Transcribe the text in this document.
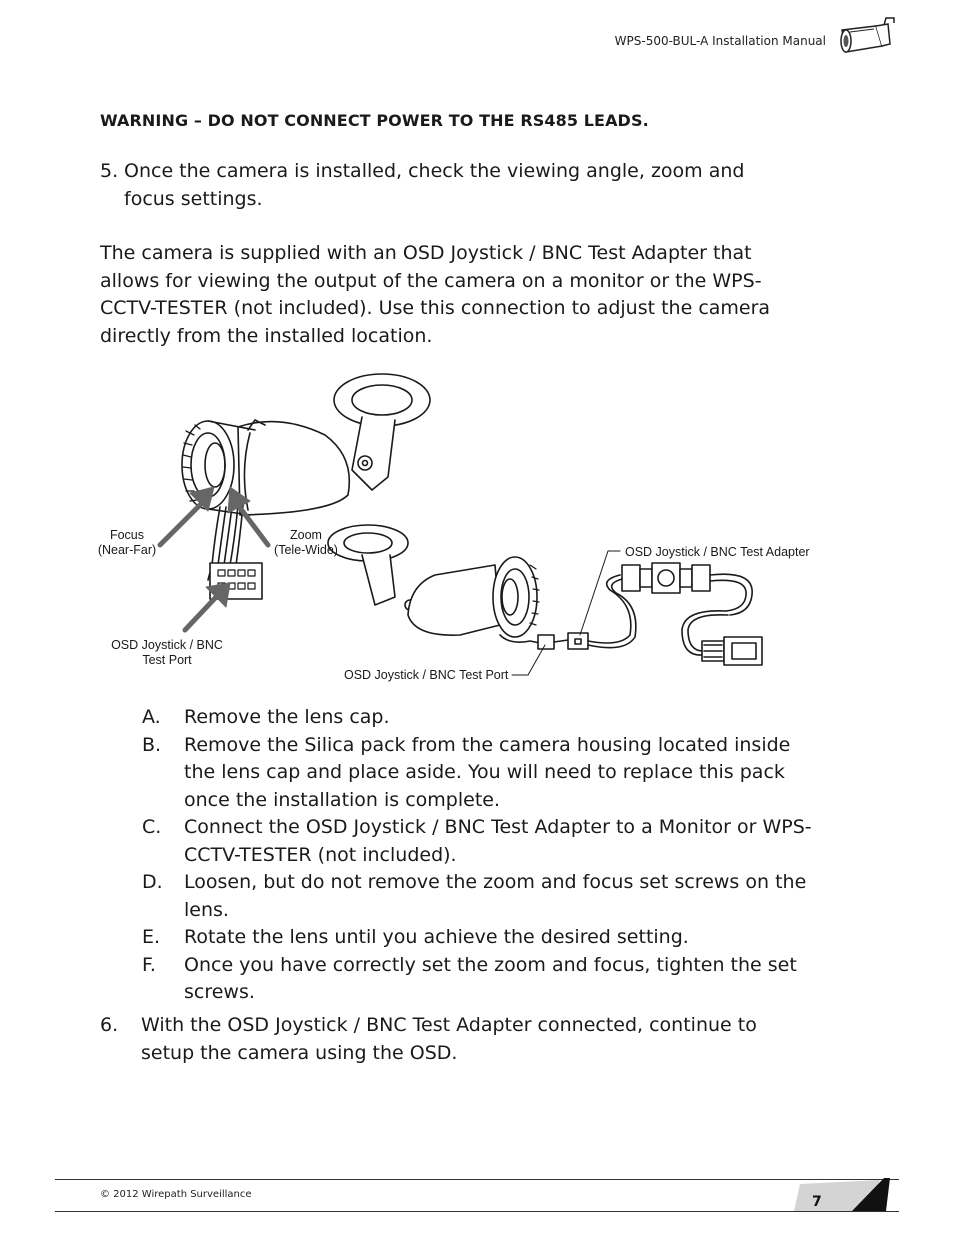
WPS-500-BUL-A Installation Manual
WARNING – DO NOT CONNECT POWER TO THE RS485 LEADS.
5. Once the camera is installed, check the viewing angle, zoom and focus settings.
The camera is supplied with an OSD Joystick / BNC Test Adapter that allows for viewing the output of the camera on a monitor or the WPS-CCTV-TESTER (not included). Use this connection to adjust the camera directly from the installed location.
Focus
(Near-Far)
Zoom
(Tele-Wide)
OSD Joystick / BNC
Test Port
OSD Joystick / BNC Test Port
OSD Joystick / BNC Test Adapter
A. Remove the lens cap.
B. Remove the Silica pack from the camera housing located inside the lens cap and place aside. You will need to replace this pack once the installation is complete.
C. Connect the OSD Joystick / BNC Test Adapter to a Monitor or WPS-CCTV-TESTER (not included).
D. Loosen, but do not remove the zoom and focus set screws on the lens.
E. Rotate the lens until you achieve the desired setting.
F. Once you have correctly set the zoom and focus, tighten the set screws.
6. With the OSD Joystick / BNC Test Adapter connected, continue to setup the camera using the OSD.
© 2012 Wirepath Surveillance	7
